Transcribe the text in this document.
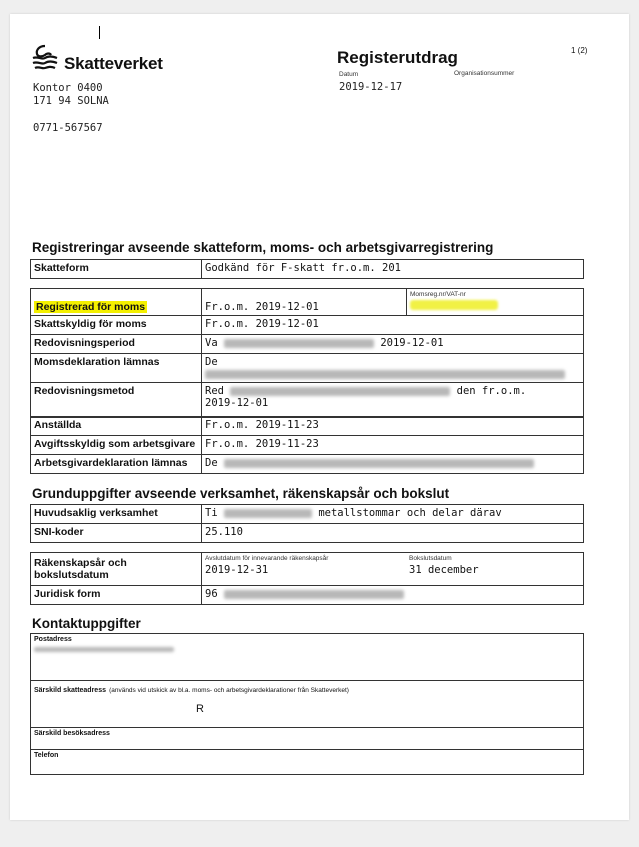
Skatteverket
Kontor 0400
171 94 SOLNA
0771-567567
Registerutdrag	1 (2)
Datum	Organisationsummer
2019-12-17
Registreringar avseende skatteform, moms- och arbetsgivarregistrering
Skatteform	Godkänd för F-skatt fr.o.m. 201
Registrerad för moms	Fr.o.m. 2019-12-01	
Momsreg.nr/VAT-nr

Skattskyldig för moms	Fr.o.m. 2019-12-01
Redovisningsperiod	Va	2019-12-01
Momsdeklaration lämnas	De
Redovisningsmetod	Red	den fr.o.m.
2019-12-01
Anställda	Fr.o.m. 2019-11-23
Avgiftsskyldig som arbetsgivare	Fr.o.m. 2019-11-23
Arbetsgivardeklaration lämnas	De
Grunduppgifter avseende verksamhet, räkenskapsår och bokslut
Huvudsaklig verksamhet	Ti	metallstommar och delar därav
SNI-koder	25.110
Räkenskapsår och bokslutsdatum	
Avslutdatum för innevarande räkenskapsår
2019-12-31	
Bokslutsdatum
31 december
Juridisk form	96
Kontaktuppgifter
Postadress

Särskild skatteadress (används vid utskick av bl.a. moms- och arbetsgivardeklarationer från Skatteverket)
R

Särskild besöksadress

Telefon
